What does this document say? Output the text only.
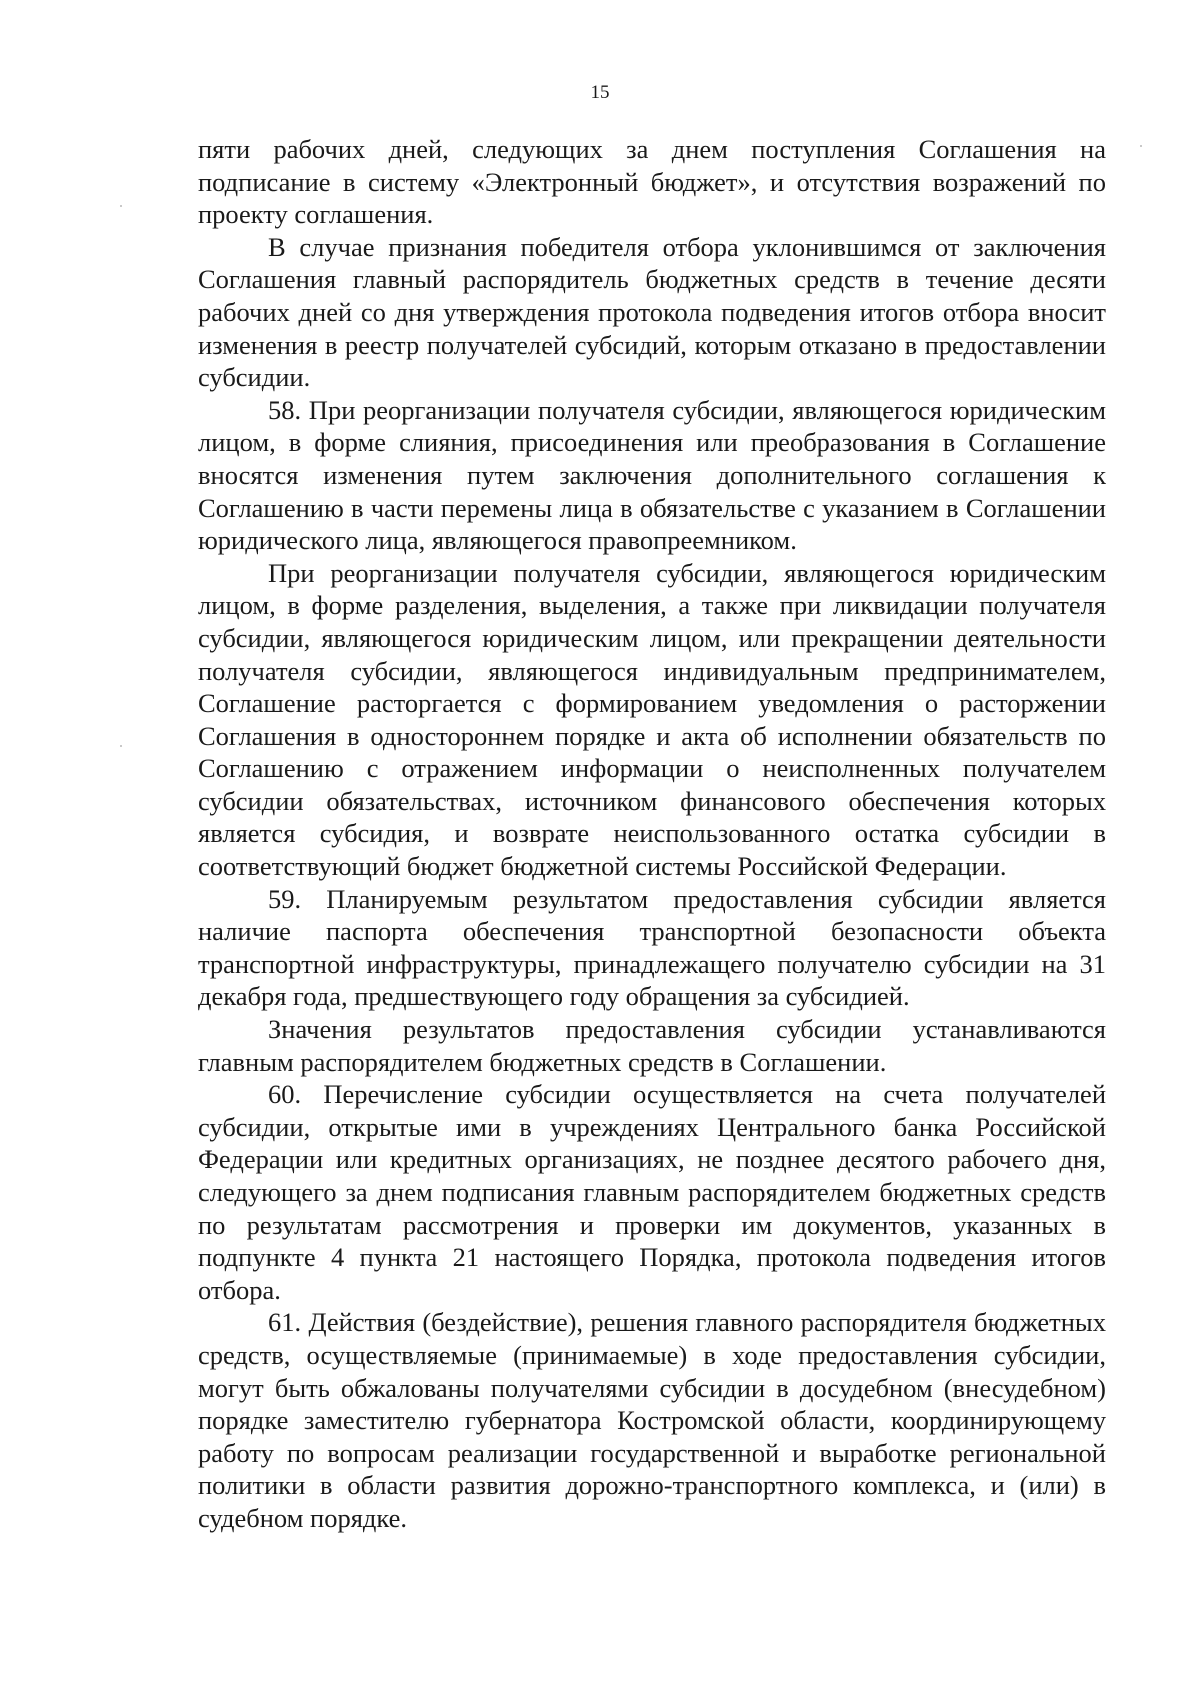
15

пяти рабочих дней, следующих за днем поступления Соглашения на подписание в систему «Электронный бюджет», и отсутствия возражений по проекту соглашения.

В случае признания победителя отбора уклонившимся от заключения Соглашения главный распорядитель бюджетных средств в течение десяти рабочих дней со дня утверждения протокола подведения итогов отбора вносит изменения в реестр получателей субсидий, которым отказано в предоставлении субсидии.

58. При реорганизации получателя субсидии, являющегося юридическим лицом, в форме слияния, присоединения или преобразования в Соглашение вносятся изменения путем заключения дополнительного соглашения к Соглашению в части перемены лица в обязательстве с указанием в Соглашении юридического лица, являющегося правопреемником.

При реорганизации получателя субсидии, являющегося юридическим лицом, в форме разделения, выделения, а также при ликвидации получателя субсидии, являющегося юридическим лицом, или прекращении деятельности получателя субсидии, являющегося индивидуальным предпринимателем, Соглашение расторгается с формированием уведомления о расторжении Соглашения в одностороннем порядке и акта об исполнении обязательств по Соглашению с отражением информации о неисполненных получателем субсидии обязательствах, источником финансового обеспечения которых является субсидия, и возврате неиспользованного остатка субсидии в соответствующий бюджет бюджетной системы Российской Федерации.

59. Планируемым результатом предоставления субсидии является наличие паспорта обеспечения транспортной безопасности объекта транспортной инфраструктуры, принадлежащего получателю субсидии на 31 декабря года, предшествующего году обращения за субсидией.

Значения результатов предоставления субсидии устанавливаются главным распорядителем бюджетных средств в Соглашении.

60. Перечисление субсидии осуществляется на счета получателей субсидии, открытые ими в учреждениях Центрального банка Российской Федерации или кредитных организациях, не позднее десятого рабочего дня, следующего за днем подписания главным распорядителем бюджетных средств по результатам рассмотрения и проверки им документов, указанных в подпункте 4 пункта 21 настоящего Порядка, протокола подведения итогов отбора.

61. Действия (бездействие), решения главного распорядителя бюджетных средств, осуществляемые (принимаемые) в ходе предоставления субсидии, могут быть обжалованы получателями субсидии в досудебном (внесудебном) порядке заместителю губернатора Костромской области, координирующему работу по вопросам реализации государственной и выработке региональной политики в области развития дорожно-транспортного комплекса, и (или) в судебном порядке.
